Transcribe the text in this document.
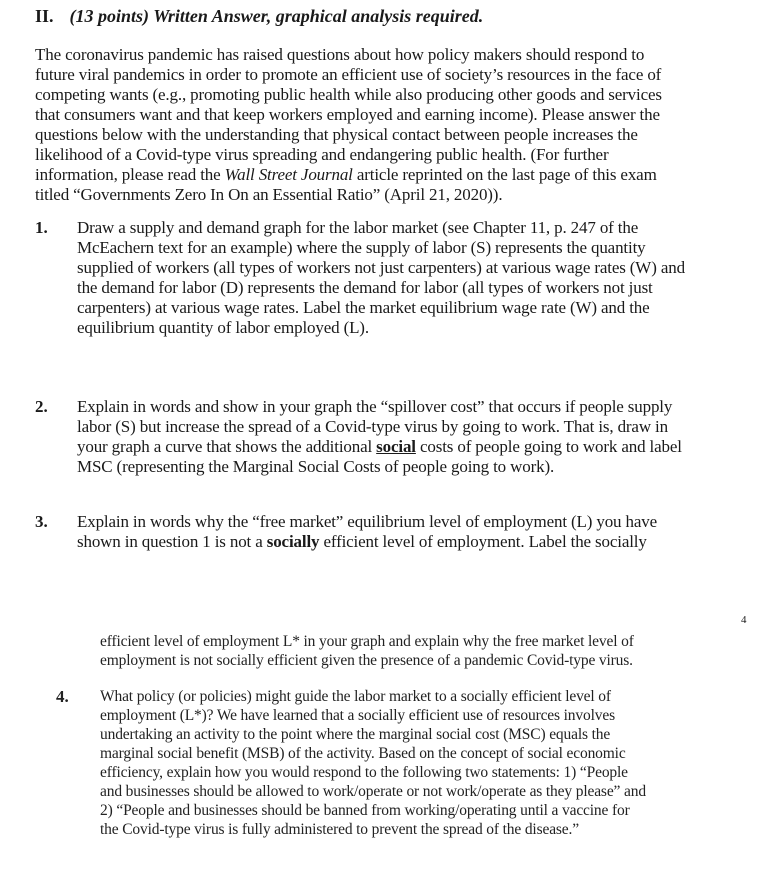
II. (13 points) Written Answer, graphical analysis required.
The coronavirus pandemic has raised questions about how policy makers should respond to
future viral pandemics in order to promote an efficient use of society’s resources in the face of
competing wants (e.g., promoting public health while also producing other goods and services
that consumers want and that keep workers employed and earning income). Please answer the
questions below with the understanding that physical contact between people increases the
likelihood of a Covid-type virus spreading and endangering public health. (For further
information, please read the Wall Street Journal article reprinted on the last page of this exam
titled “Governments Zero In On an Essential Ratio” (April 21, 2020)).
1. Draw a supply and demand graph for the labor market (see Chapter 11, p. 247 of the
McEachern text for an example) where the supply of labor (S) represents the quantity
supplied of workers (all types of workers not just carpenters) at various wage rates (W) and
the demand for labor (D) represents the demand for labor (all types of workers not just
carpenters) at various wage rates. Label the market equilibrium wage rate (W) and the
equilibrium quantity of labor employed (L).
2. Explain in words and show in your graph the “spillover cost” that occurs if people supply
labor (S) but increase the spread of a Covid-type virus by going to work. That is, draw in
your graph a curve that shows the additional social costs of people going to work and label
MSC (representing the Marginal Social Costs of people going to work).
3. Explain in words why the “free market” equilibrium level of employment (L) you have
shown in question 1 is not a socially efficient level of employment. Label the socially
4
efficient level of employment L* in your graph and explain why the free market level of
employment is not socially efficient given the presence of a pandemic Covid-type virus.
4. What policy (or policies) might guide the labor market to a socially efficient level of
employment (L*)? We have learned that a socially efficient use of resources involves
undertaking an activity to the point where the marginal social cost (MSC) equals the
marginal social benefit (MSB) of the activity. Based on the concept of social economic
efficiency, explain how you would respond to the following two statements: 1) “People
and businesses should be allowed to work/operate or not work/operate as they please” and
2) “People and businesses should be banned from working/operating until a vaccine for
the Covid-type virus is fully administered to prevent the spread of the disease.”
